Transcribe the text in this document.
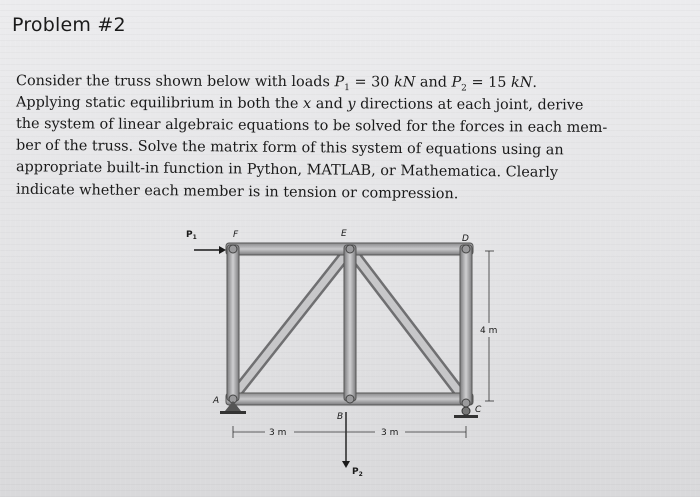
Problem #2
Consider the truss shown below with loads $P_1 = 30$ kN and $P_2 = 15$ kN.
Applying static equilibrium in both the x and y directions at each joint, derive
the system of linear algebraic equations to be solved for the forces in each mem-
ber of the truss. Solve the matrix form of this system of equations using an
appropriate built-in function in Python, MATLAB, or Mathematica. Clearly
indicate whether each member is in tension or compression.
$P_1$
$P_2$
F	E	D
A
B
C
4 m
3 m	3 m
